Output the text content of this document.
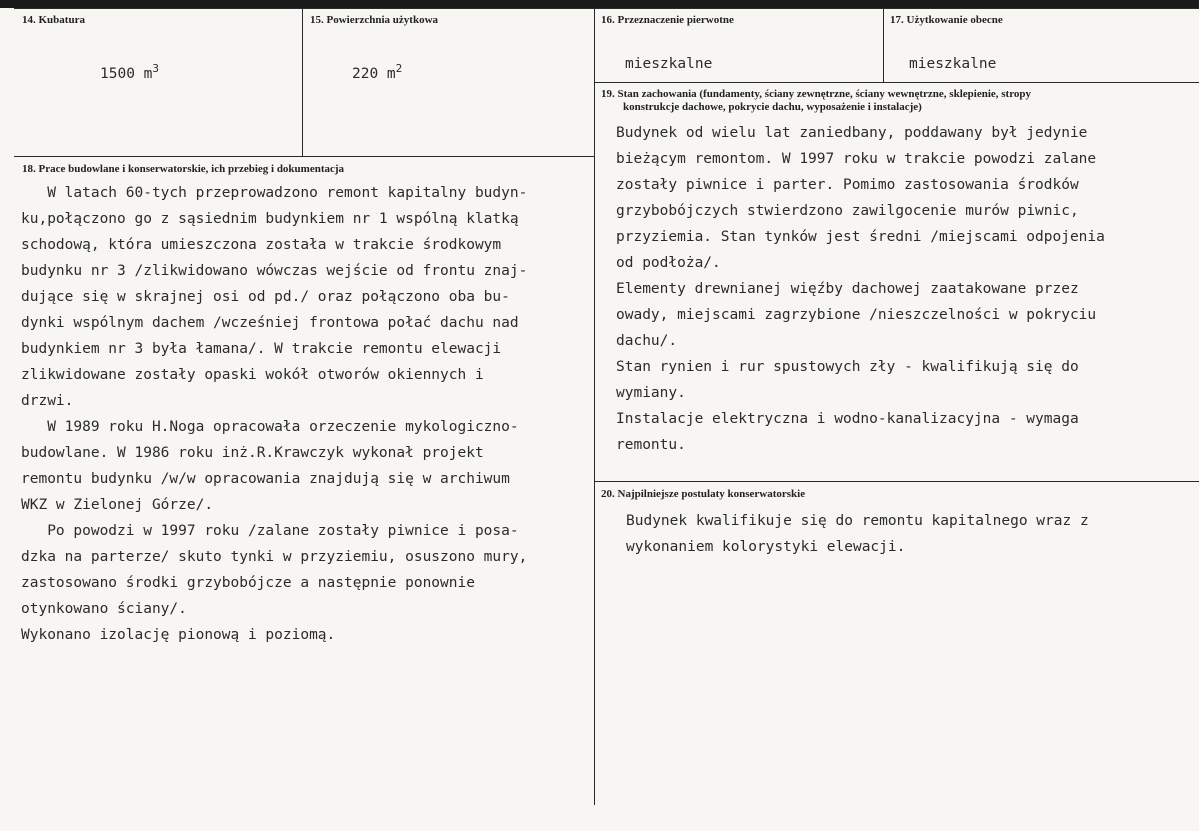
14. Kubatura
1500 $m^3$
15. Powierzchnia użytkowa
220 $m^2$
16. Przeznaczenie pierwotne
mieszkalne
17. Użytkowanie obecne
mieszkalne
18. Prace budowlane i konserwatorskie, ich przebieg i dokumentacja
W latach 60-tych przeprowadzono remont kapitalny budyn-
ku,połączono go z sąsiednim budynkiem nr 1 wspólną klatką
schodową, która umieszczona została w trakcie środkowym
budynku nr 3 /zlikwidowano wówczas wejście od frontu znaj-
dujące się w skrajnej osi od pd./ oraz połączono oba bu-
dynki wspólnym dachem /wcześniej frontowa połać dachu nad
budynkiem nr 3 była łamana/. W trakcie remontu elewacji
zlikwidowane zostały opaski wokół otworów okiennych i
drzwi.
W 1989 roku H.Noga opracowała orzeczenie mykologiczno-
budowlane. W 1986 roku inż.R.Krawczyk wykonał projekt
remontu budynku /w/w opracowania znajdują się w archiwum
WKZ w Zielonej Górze/.
Po powodzi w 1997 roku /zalane zostały piwnice i posa-
dzka na parterze/ skuto tynki w przyziemiu, osuszono mury,
zastosowano środki grzybobójcze a następnie ponownie
otynkowano ściany/.
Wykonano izolację pionową i poziomą.
19. Stan zachowania (fundamenty, ściany zewnętrzne, ściany wewnętrzne, sklepienie, stropy
konstrukcje dachowe, pokrycie dachu, wyposażenie i instalacje)
Budynek od wielu lat zaniedbany, poddawany był jedynie
bieżącym remontom. W 1997 roku w trakcie powodzi zalane
zostały piwnice i parter. Pomimo zastosowania środków
grzybobójczych stwierdzono zawilgocenie murów piwnic,
przyziemia. Stan tynków jest średni /miejscami odpojenia
od podłoża/.
Elementy drewnianej więźby dachowej zaatakowane przez
owady, miejscami zagrzybione /nieszczelności w pokryciu
dachu/.
Stan rynien i rur spustowych zły - kwalifikują się do
wymiany.
Instalacje elektryczna i wodno-kanalizacyjna - wymaga
remontu.
20. Najpilniejsze postulaty konserwatorskie
Budynek kwalifikuje się do remontu kapitalnego wraz z
wykonaniem kolorystyki elewacji.
